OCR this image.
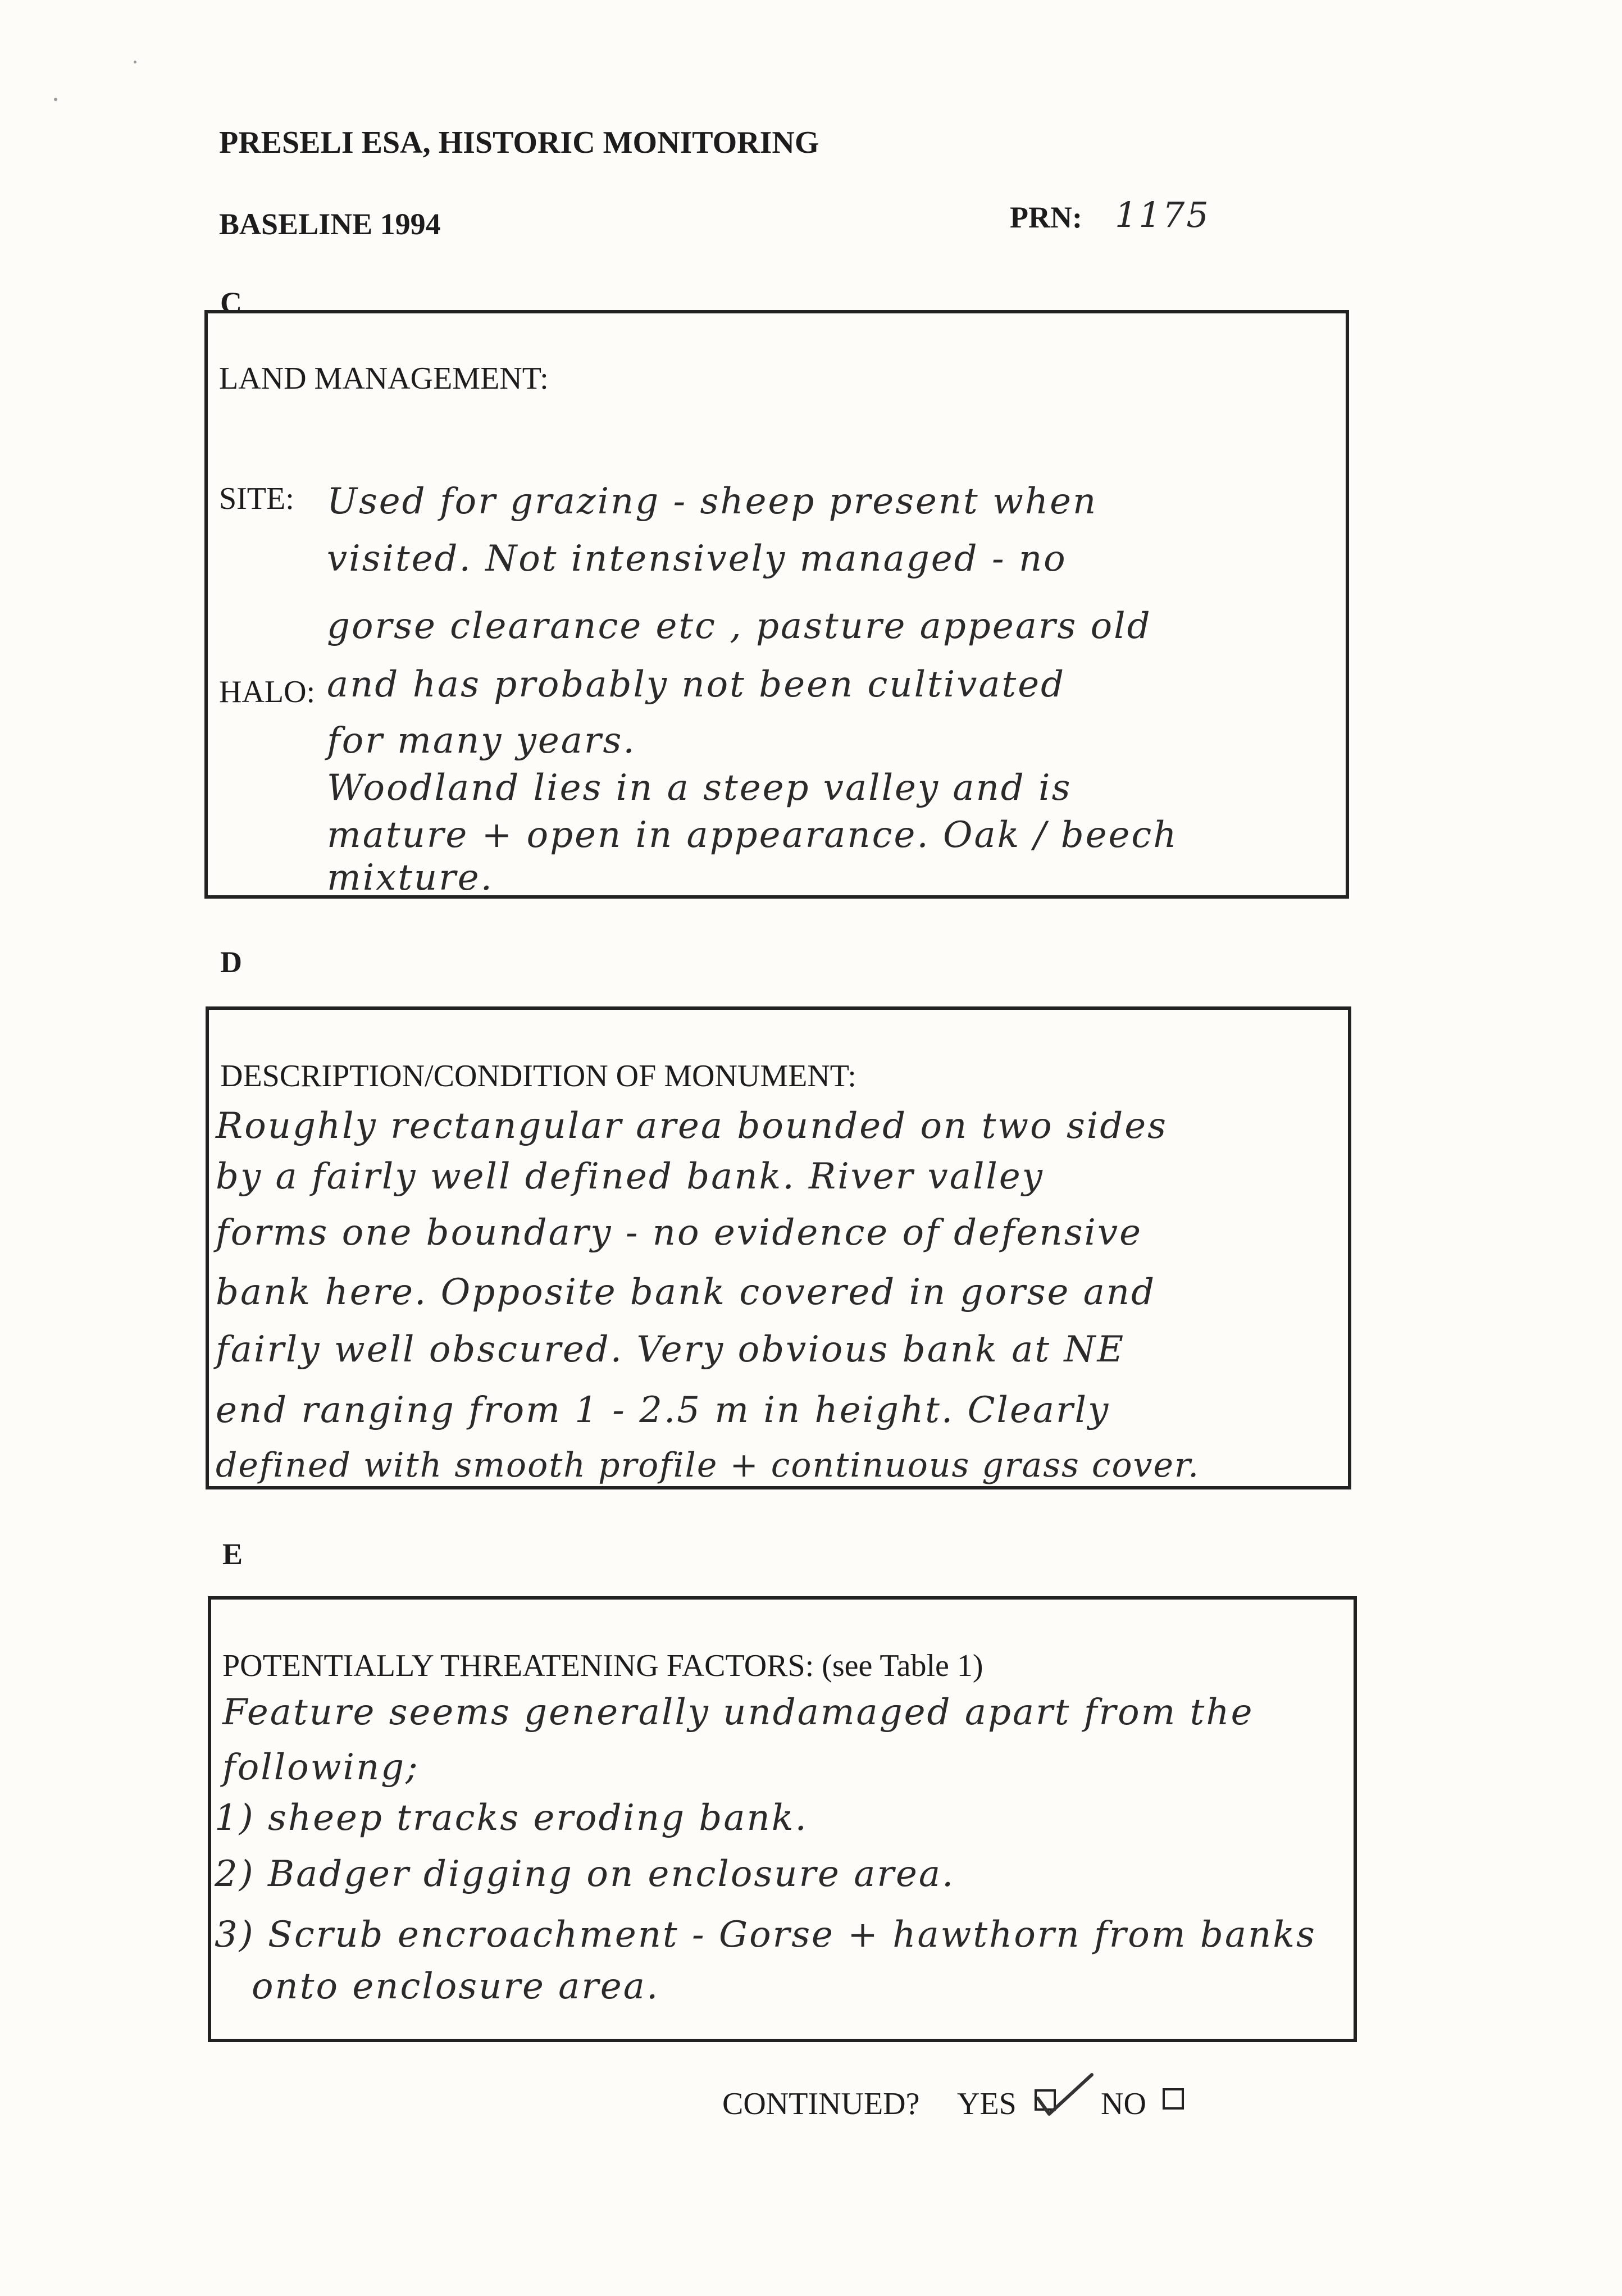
PRESELI ESA, HISTORIC MONITORING
BASELINE 1994	PRN: 1175
C
LAND MANAGEMENT:
SITE:
HALO:
Used for grazing - sheep present when
visited. Not intensively managed - no
gorse clearance etc , pasture appears old
and has probably not been cultivated
for many years.
Woodland lies in a steep valley and is
mature + open in appearance. Oak / beech
mixture.
D
DESCRIPTION/CONDITION OF MONUMENT:
Roughly rectangular area bounded on two sides
by a fairly well defined bank. River valley
forms one boundary - no evidence of defensive
bank here. Opposite bank covered in gorse and
fairly well obscured. Very obvious bank at NE
end ranging from 1 - 2.5 m in height. Clearly
defined with smooth profile + continuous grass cover.
E
POTENTIALLY THREATENING FACTORS: (see Table 1)
Feature seems generally undamaged apart from the
following;
1) sheep tracks eroding bank.
2) Badger digging on enclosure area.
3) Scrub encroachment - Gorse + hawthorn from banks
onto enclosure area.
CONTINUED? YES	NO
